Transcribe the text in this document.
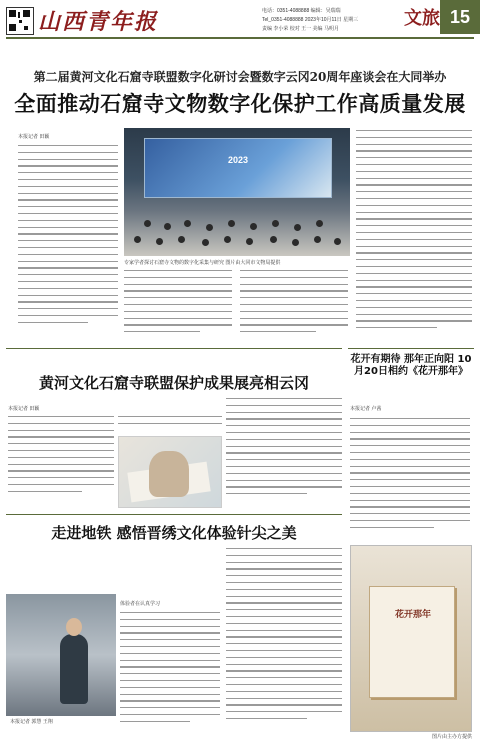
山西青年报	电话：0351-4088888 编辑：吴瑞瑞
Tel_0351-4088888 2023年10月11日 星期三
责编 李小荣 校对 王一 美编 马明月	文旅 15
第二届黄河文化石窟寺联盟数字化研讨会暨数字云冈20周年座谈会在大同举办
全面推动石窟寺文物数字化保护工作高质量发展
本报记者 田颖
2023
专家学者探讨石窟寺文物的数字化采集与研究 图片由大同市文物局提供
黄河文化石窟寺联盟保护成果展亮相云冈
本报记者 田颖
花开有期待 那年正向阳 10月20日相约《花开那年》
本报记者 卢茜
花开那年
图片由主办方提供
走进地铁 感悟晋绣文化体验针尖之美
本报记者 郭慧 王翔
体验者在认真学习
